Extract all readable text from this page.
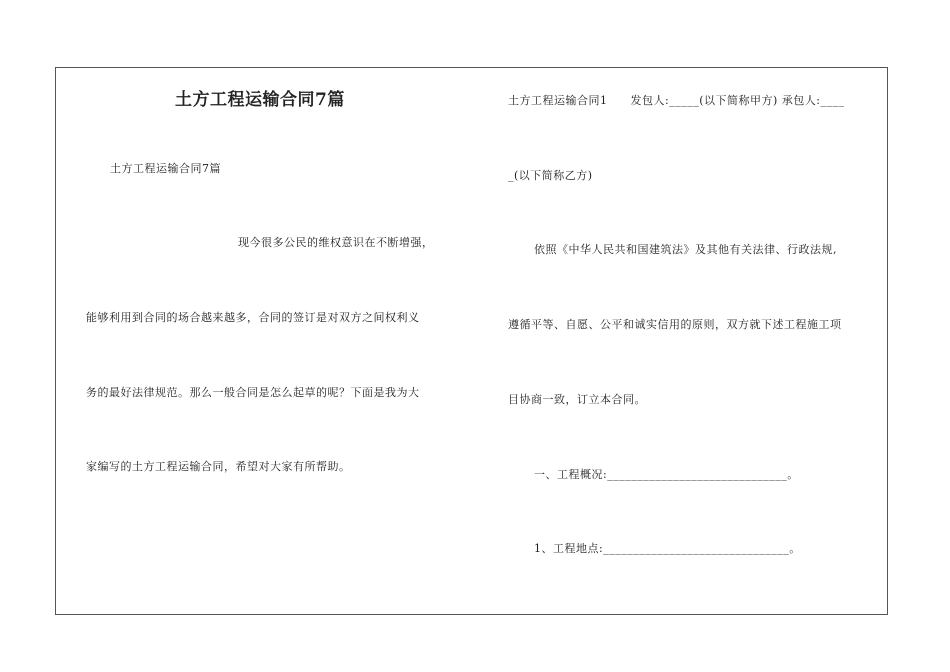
土方工程运输合同7篇
土方工程运输合同7篇
现今很多公民的维权意识在不断增强，
能够利用到合同的场合越来越多，合同的签订是对双方之间权利义
务的最好法律规范。那么一般合同是怎么起草的呢？下面是我为大
家编写的土方工程运输合同，希望对大家有所帮助。
土方工程运输合同1　　发包人:_____(以下简称甲方) 承包人:____
_(以下简称乙方)
依照《中华人民共和国建筑法》及其他有关法律、行政法规,
遵循平等、自愿、公平和诚实信用的原则，双方就下述工程施工项
目协商一致，订立本合同。
一、工程概况:______________________________。
1、工程地点:_______________________________。
